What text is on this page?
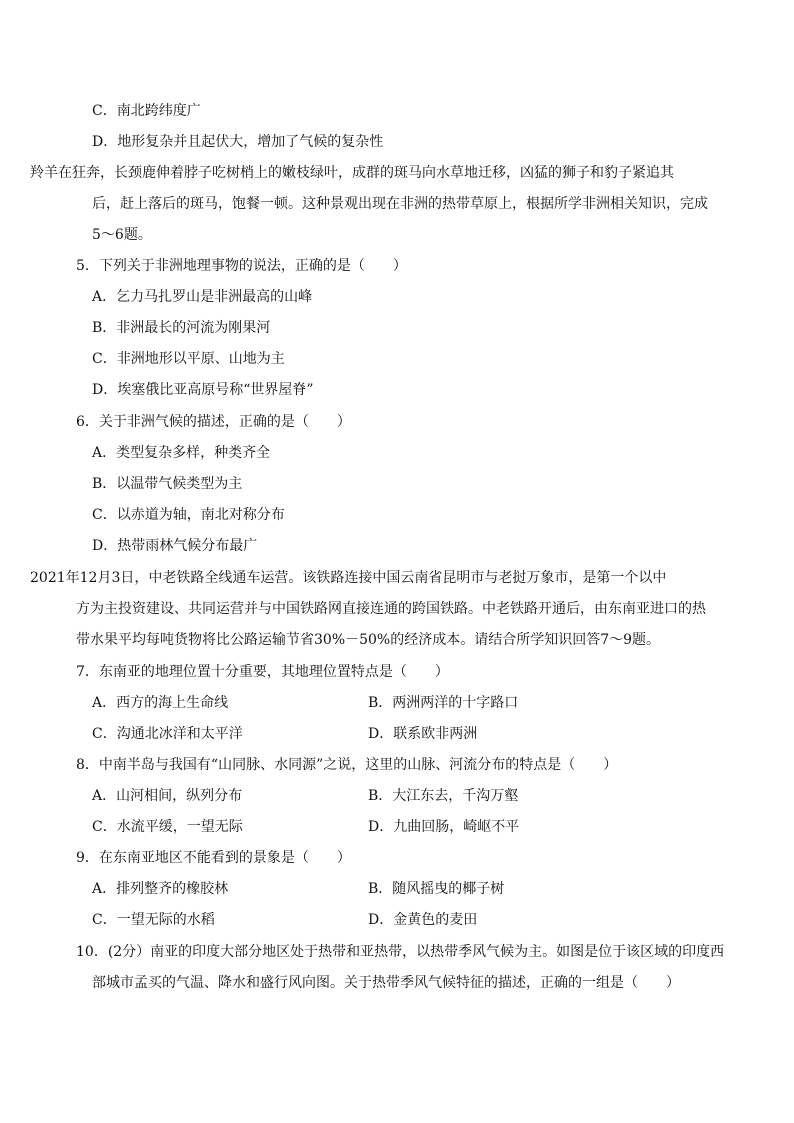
C．南北跨纬度广
D．地形复杂并且起伏大，增加了气候的复杂性
羚羊在狂奔，长颈鹿伸着脖子吃树梢上的嫩枝绿叶，成群的斑马向水草地迁移，凶猛的狮子和豹子紧追其
后，赶上落后的斑马，饱餐一顿。这种景观出现在非洲的热带草原上，根据所学非洲相关知识，完成
5～6题。
5．下列关于非洲地理事物的说法，正确的是（　　）
A．乞力马扎罗山是非洲最高的山峰
B．非洲最长的河流为刚果河
C．非洲地形以平原、山地为主
D．埃塞俄比亚高原号称“世界屋脊”
6．关于非洲气候的描述，正确的是（　　）
A．类型复杂多样，种类齐全
B．以温带气候类型为主
C．以赤道为轴，南北对称分布
D．热带雨林气候分布最广
2021年12月3日，中老铁路全线通车运营。该铁路连接中国云南省昆明市与老挝万象市，是第一个以中
方为主投资建设、共同运营并与中国铁路网直接连通的跨国铁路。中老铁路开通后，由东南亚进口的热
带水果平均每吨货物将比公路运输节省30%－50%的经济成本。请结合所学知识回答7～9题。
7．东南亚的地理位置十分重要，其地理位置特点是（　　）
A．西方的海上生命线	B．两洲两洋的十字路口
C．沟通北冰洋和太平洋	D．联系欧非两洲
8．中南半岛与我国有“山同脉、水同源”之说，这里的山脉、河流分布的特点是（　　）
A．山河相间，纵列分布	B．大江东去，千沟万壑
C．水流平缓，一望无际	D．九曲回肠，崎岖不平
9．在东南亚地区不能看到的景象是（　　）
A．排列整齐的橡胶林	B．随风摇曳的椰子树
C．一望无际的水稻	D．金黄色的麦田
10．(2分）南亚的印度大部分地区处于热带和亚热带，以热带季风气候为主。如图是位于该区域的印度西
部城市孟买的气温、降水和盛行风向图。关于热带季风气候特征的描述，正确的一组是（　　）
